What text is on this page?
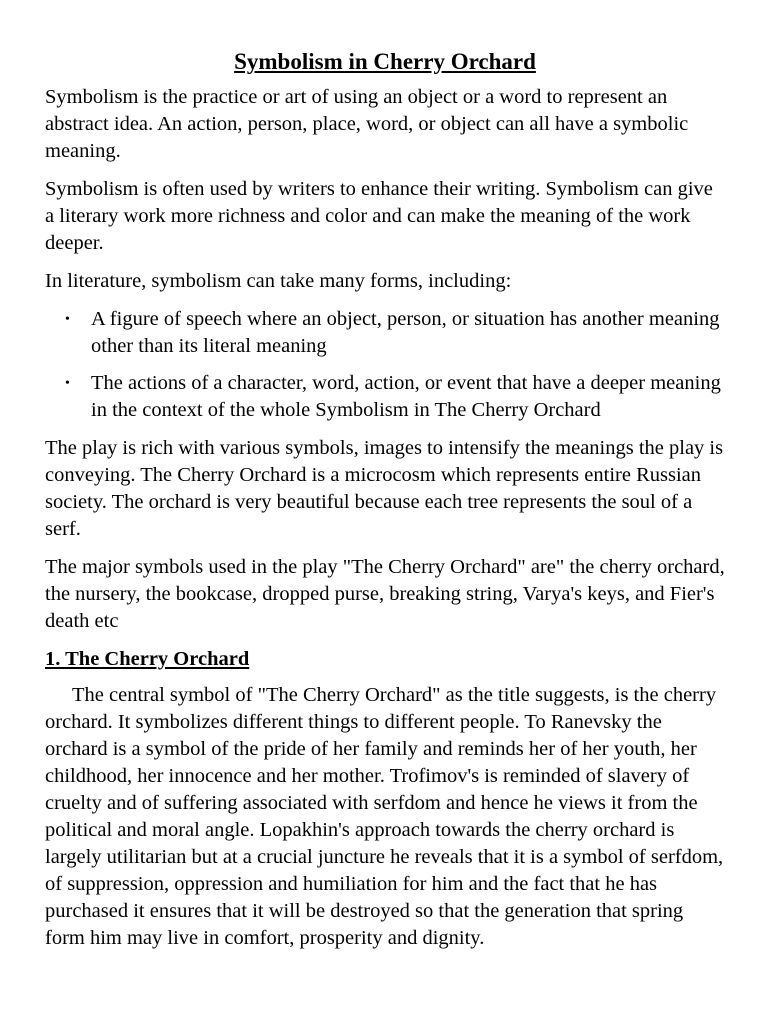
Symbolism in Cherry Orchard

Symbolism is the practice or art of using an object or a word to represent an abstract idea. An action, person, place, word, or object can all have a symbolic meaning.

Symbolism is often used by writers to enhance their writing. Symbolism can give a literary work more richness and color and can make the meaning of the work deeper.

In literature, symbolism can take many forms, including:

• A figure of speech where an object, person, or situation has another meaning other than its literal meaning
• The actions of a character, word, action, or event that have a deeper meaning in the context of the whole Symbolism in The Cherry Orchard

The play is rich with various symbols, images to intensify the meanings the play is conveying. The Cherry Orchard is a microcosm which represents entire Russian society. The orchard is very beautiful because each tree represents the soul of a serf.

The major symbols used in the play "The Cherry Orchard" are" the cherry orchard, the nursery, the bookcase, dropped purse, breaking string, Varya's keys, and Fier's death etc

1. The Cherry Orchard

The central symbol of "The Cherry Orchard" as the title suggests, is the cherry orchard. It symbolizes different things to different people. To Ranevsky the orchard is a symbol of the pride of her family and reminds her of her youth, her childhood, her innocence and her mother. Trofimov's is reminded of slavery of cruelty and of suffering associated with serfdom and hence he views it from the political and moral angle. Lopakhin's approach towards the cherry orchard is largely utilitarian but at a crucial juncture he reveals that it is a symbol of serfdom, of suppression, oppression and humiliation for him and the fact that he has purchased it ensures that it will be destroyed so that the generation that spring form him may live in comfort, prosperity and dignity.
